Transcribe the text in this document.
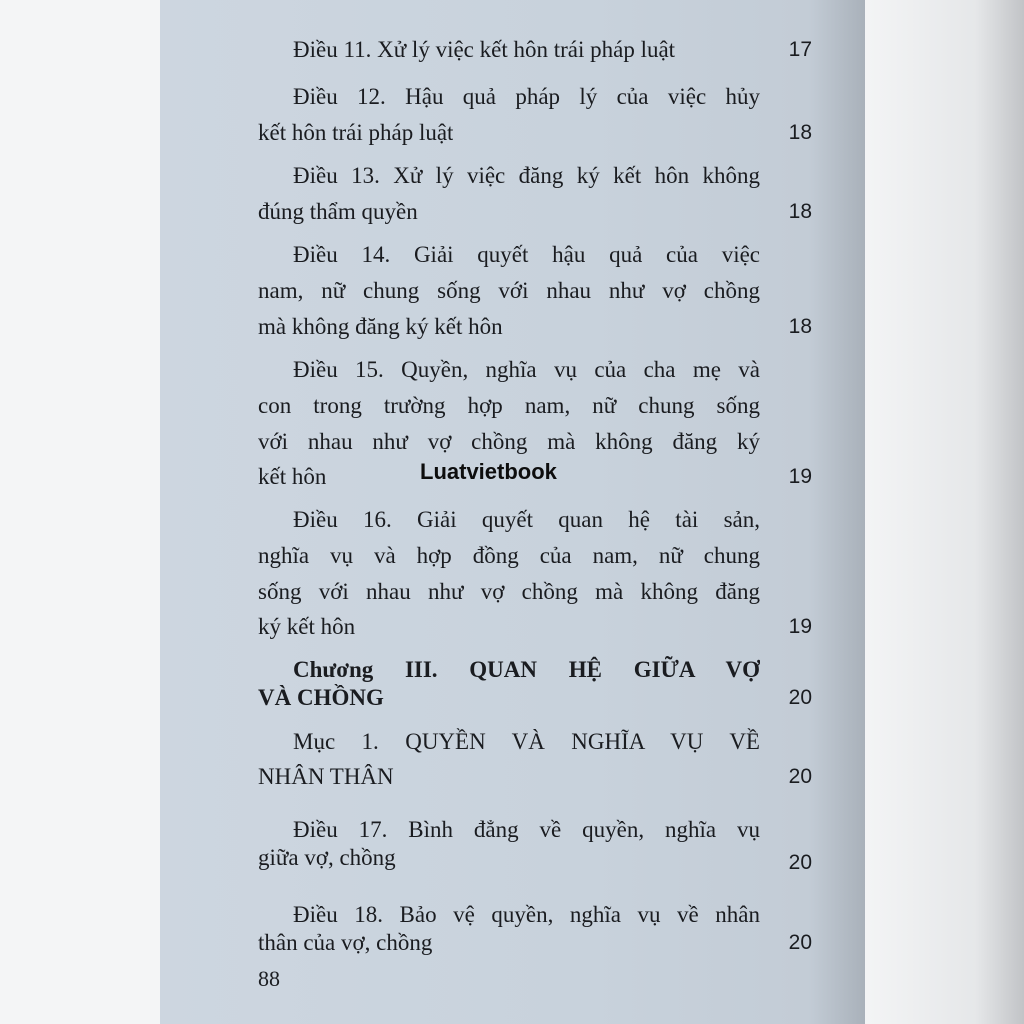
Điều 11. Xử lý việc kết hôn trái pháp luật	17
Điều 12. Hậu quả pháp lý của việc hủy
kết hôn trái pháp luật	18
Điều 13. Xử lý việc đăng ký kết hôn không
đúng thẩm quyền	18
Điều 14. Giải quyết hậu quả của việc
nam, nữ chung sống với nhau như vợ chồng
mà không đăng ký kết hôn	18
Điều 15. Quyền, nghĩa vụ của cha mẹ và
con trong trường hợp nam, nữ chung sống
với nhau như vợ chồng mà không đăng ký
kết hôn	19
Điều 16. Giải quyết quan hệ tài sản,
nghĩa vụ và hợp đồng của nam, nữ chung
sống với nhau như vợ chồng mà không đăng
ký kết hôn	19
Chương III. QUAN HỆ GIỮA VỢ
VÀ CHỒNG	20
Mục 1. QUYỀN VÀ NGHĨA VỤ VỀ
NHÂN THÂN	20
Điều 17. Bình đẳng về quyền, nghĩa vụ
giữa vợ, chồng	20
Điều 18. Bảo vệ quyền, nghĩa vụ về nhân
thân của vợ, chồng	20
Luatvietbook
88
